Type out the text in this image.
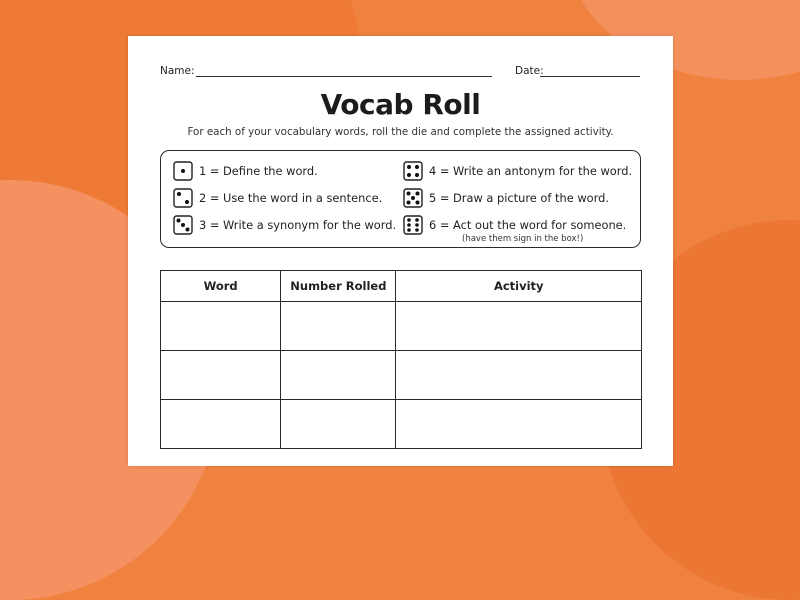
Name:	Date:
Vocab Roll
For each of your vocabulary words, roll the die and complete the assigned activity.
1 = Define the word.
2 = Use the word in a sentence.
3 = Write a synonym for the word.
4 = Write an antonym for the word.
5 = Draw a picture of the word.
6 = Act out the word for someone.
(have them sign in the box!)
Word	Number Rolled	Activity
